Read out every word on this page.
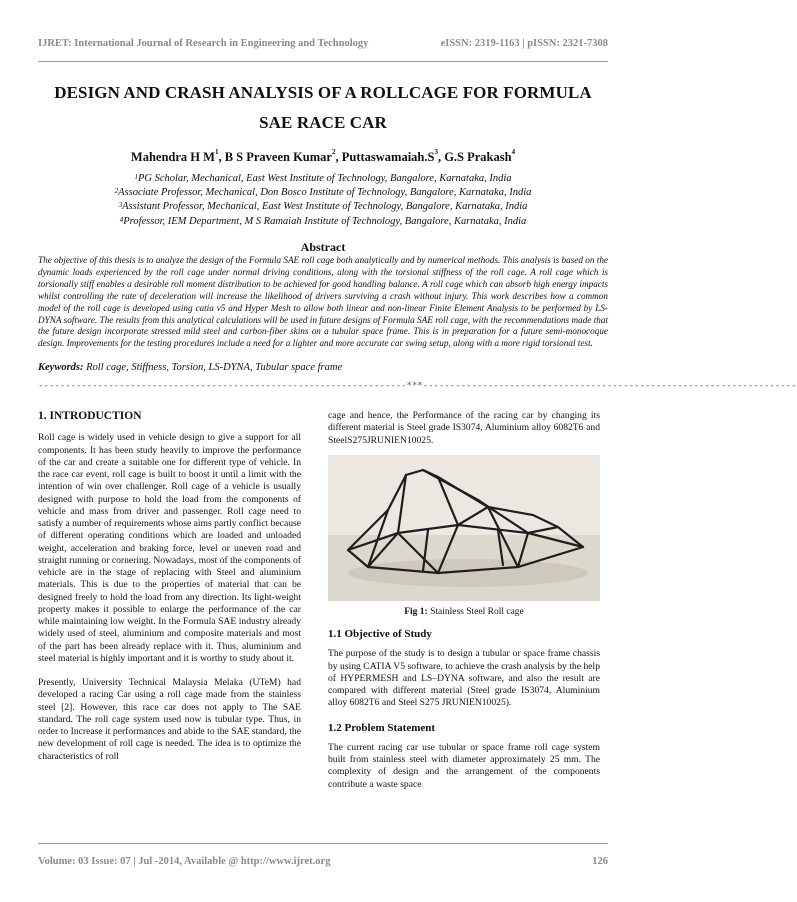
IJRET: International Journal of Research in Engineering and Technology	eISSN: 2319-1163 | pISSN: 2321-7308
DESIGN AND CRASH ANALYSIS OF A ROLLCAGE FOR FORMULA
SAE RACE CAR
Mahendra H $M^1$, B S Praveen Kumar$^2$, $Puttaswamaiah.S^3$, G.S Prakash$^4$
$^1$PG Scholar, Mechanical, East West Institute of Technology, Bangalore, Karnataka, India
$^2$Associate Professor, Mechanical, Don Bosco Institute of Technology, Bangalore, Karnataka, India
$^3$Assistant Professor, Mechanical, East West Institute of Technology, Bangalore, Karnataka, India
$^4$Professor, IEM Department, M S Ramaiah Institute of Technology, Bangalore, Karnataka, India
Abstract
The objective of this thesis is to analyze the design of the Formula SAE roll cage both analytically and by numerical methods. This analysis is based on the dynamic loads experienced by the roll cage under normal driving conditions, along with the torsional stiffness of the roll cage. A roll cage which is torsionally stiff enables a desirable roll moment distribution to be achieved for good handling balance. A roll cage which can absorb high energy impacts whilst controlling the rate of deceleration will increase the likelihood of drivers surviving a crash without injury. This work describes how a common model of the roll cage is developed using catia v5 and Hyper Mesh to allow both linear and non-linear Finite Element Analysis to be performed by LS-DYNA software. The results from this analytical calculations will be used in future designs of Formula SAE roll cage, with the recommendations made that the future design incorporate stressed mild steel and carbon-fiber skins on a tubular space frame. This is in preparation for a future semi-monocoque design. Improvements for the testing procedures include a need for a lighter and more accurate car swing setup, along with a more rigid torsional test.
Keywords: Roll cage, Stiffness, Torsion, LS-DYNA, Tubular space frame
--------------------------------------------------------------------***---------------------------------------------------------------------
1. INTRODUCTION

Roll cage is widely used in vehicle design to give a support for all components. It has been study heavily to improve the performance of the car and create a suitable one for different type of vehicle. In the race car event, roll cage is built to boost it until a limit with the intention of win over challenger. Roll cage of a vehicle is usually designed with purpose to hold the load from the components of vehicle and mass from driver and passenger. Roll cage need to satisfy a number of requirements whose aims partly conflict because of different operating conditions which are loaded and unloaded weight, acceleration and braking force, level or uneven road and straight running or cornering. Nowadays, most of the components of vehicle are in the stage of replacing with Steel and aluminium materials. This is due to the properties of material that can be designed freely to hold the load from any direction. Its light-weight property makes it possible to enlarge the performance of the car while maintaining low weight. In the Formula SAE industry already widely used of steel, aluminium and composite materials and most of the part has been already replace with it. Thus, aluminium and steel material is highly important and it is worthy to study about it.

Presently, University Technical Malaysia Melaka (UTeM) had developed a racing Car using a roll cage made from the stainless steel [2]. However, this race car does not apply to The SAE standard. The roll cage system used now is tubular type. Thus, in order to Increase it performances and abide to the SAE standard, the new development of roll cage is needed. The idea is to optimize the characteristics of roll

cage and hence, the Performance of the racing car by changing its different material is Steel grade IS3074, Aluminium alloy 6082T6 and SteelS275JRUNIEN10025.

Fig 1: Stainless Steel Roll cage
1.1 Objective of Study

The purpose of the study is to design a tubular or space frame chassis by using CATIA V5 software, to achieve the crash analysis by the help of HYPERMESH and LS–DYNA software, and also the result are compared with different material (Steel grade IS3074, Aluminium alloy 6082T6 and Steel S275 JRUNIEN10025).

1.2 Problem Statement

The current racing car use tubular or space frame roll cage system built from stainless steel with diameter approximately 25 mm. The complexity of design and the arrangement of the components contribute a waste space

Volume: 03 Issue: 07 | Jul -2014, Available @ http://www.ijret.org	126
